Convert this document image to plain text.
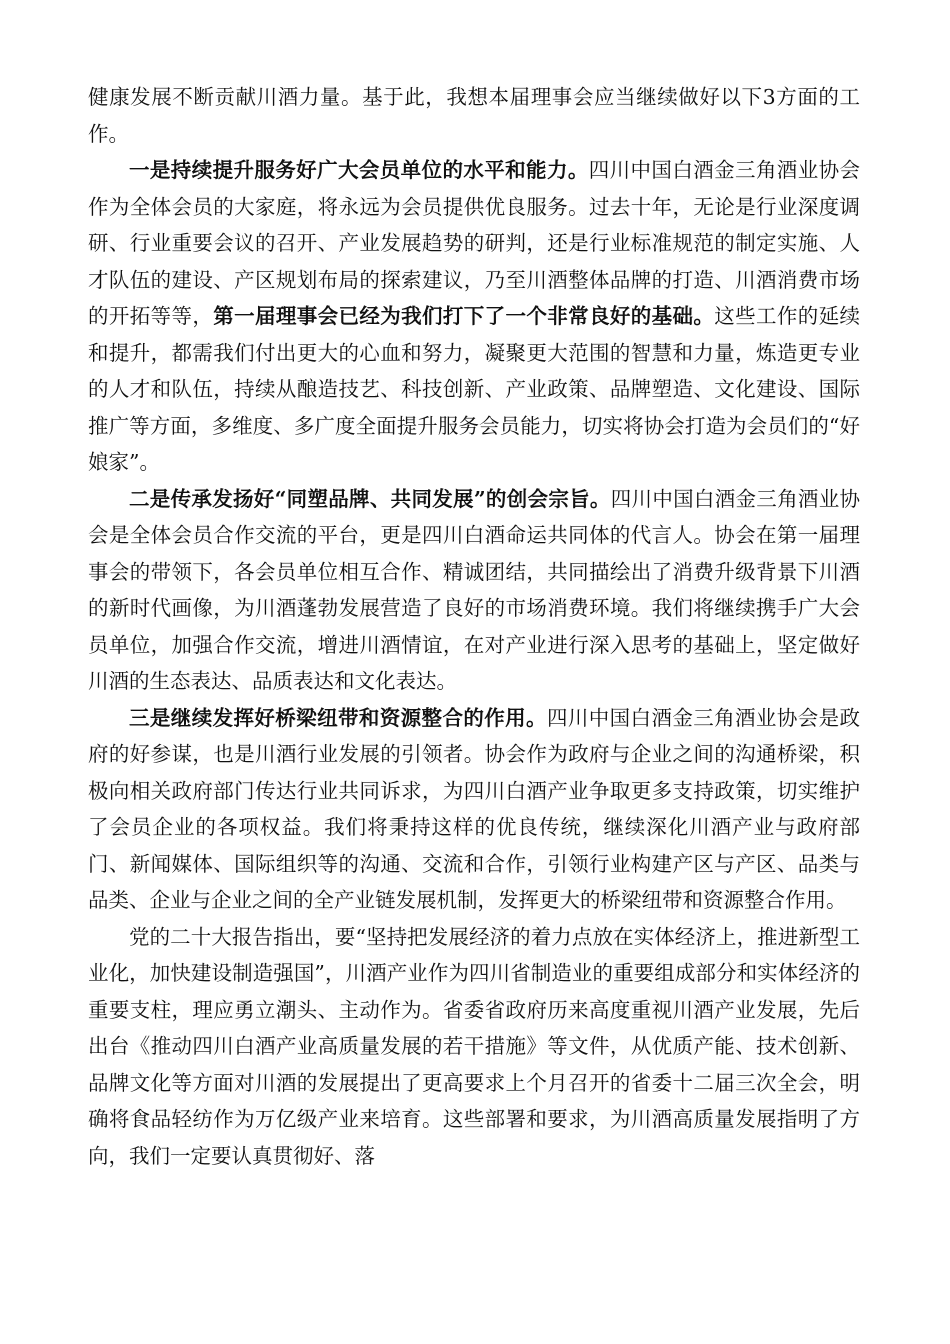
健康发展不断贡献川酒力量。基于此，我想本届理事会应当继续做好以下3方面的工作。

一是持续提升服务好广大会员单位的水平和能力。四川中国白酒金三角酒业协会作为全体会员的大家庭，将永远为会员提供优良服务。过去十年，无论是行业深度调研、行业重要会议的召开、产业发展趋势的研判，还是行业标准规范的制定实施、人才队伍的建设、产区规划布局的探索建议，乃至川酒整体品牌的打造、川酒消费市场的开拓等等，第一届理事会已经为我们打下了一个非常良好的基础。这些工作的延续和提升，都需我们付出更大的心血和努力，凝聚更大范围的智慧和力量，炼造更专业的人才和队伍，持续从酿造技艺、科技创新、产业政策、品牌塑造、文化建设、国际推广等方面，多维度、多广度全面提升服务会员能力，切实将协会打造为会员们的“好娘家”。

二是传承发扬好“同塑品牌、共同发展”的创会宗旨。四川中国白酒金三角酒业协会是全体会员合作交流的平台，更是四川白酒命运共同体的代言人。协会在第一届理事会的带领下，各会员单位相互合作、精诚团结，共同描绘出了消费升级背景下川酒的新时代画像，为川酒蓬勃发展营造了良好的市场消费环境。我们将继续携手广大会员单位，加强合作交流，增进川酒情谊，在对产业进行深入思考的基础上，坚定做好川酒的生态表达、品质表达和文化表达。

三是继续发挥好桥梁纽带和资源整合的作用。四川中国白酒金三角酒业协会是政府的好参谋，也是川酒行业发展的引领者。协会作为政府与企业之间的沟通桥梁，积极向相关政府部门传达行业共同诉求，为四川白酒产业争取更多支持政策，切实维护了会员企业的各项权益。我们将秉持这样的优良传统，继续深化川酒产业与政府部门、新闻媒体、国际组织等的沟通、交流和合作，引领行业构建产区与产区、品类与品类、企业与企业之间的全产业链发展机制，发挥更大的桥梁纽带和资源整合作用。

党的二十大报告指出，要“坚持把发展经济的着力点放在实体经济上，推进新型工业化，加快建设制造强国”，川酒产业作为四川省制造业的重要组成部分和实体经济的重要支柱，理应勇立潮头、主动作为。省委省政府历来高度重视川酒产业发展，先后出台《推动四川白酒产业高质量发展的若干措施》等文件，从优质产能、技术创新、品牌文化等方面对川酒的发展提出了更高要求上个月召开的省委十二届三次全会，明确将食品轻纺作为万亿级产业来培育。这些部署和要求，为川酒高质量发展指明了方向，我们一定要认真贯彻好、落
